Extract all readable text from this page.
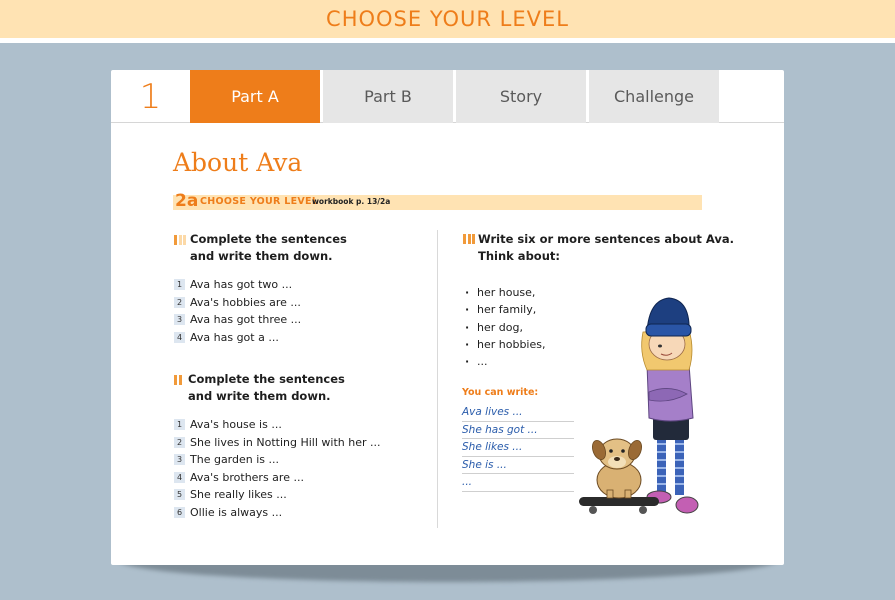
CHOOSE YOUR LEVEL
1	Part A	Part B	Story	Challenge
About Ava
2a CHOOSE YOUR LEVEL
workbook p. 13/2a
Complete the sentences
and write them down.
1 Ava has got two ...
2 Ava's hobbies are ...
3 Ava has got three ...
4 Ava has got a ...
Complete the sentences
and write them down.
1 Ava's house is ...
2 She lives in Notting Hill with her ...
3 The garden is ...
4 Ava's brothers are ...
5 She really likes ...
6 Ollie is always ...
Write six or more sentences about Ava.
Think about:
· her house,
· her family,
· her dog,
· her hobbies,
· ...
You can write:
Ava lives ...
She has got ...
She likes ...
She is ...
...
